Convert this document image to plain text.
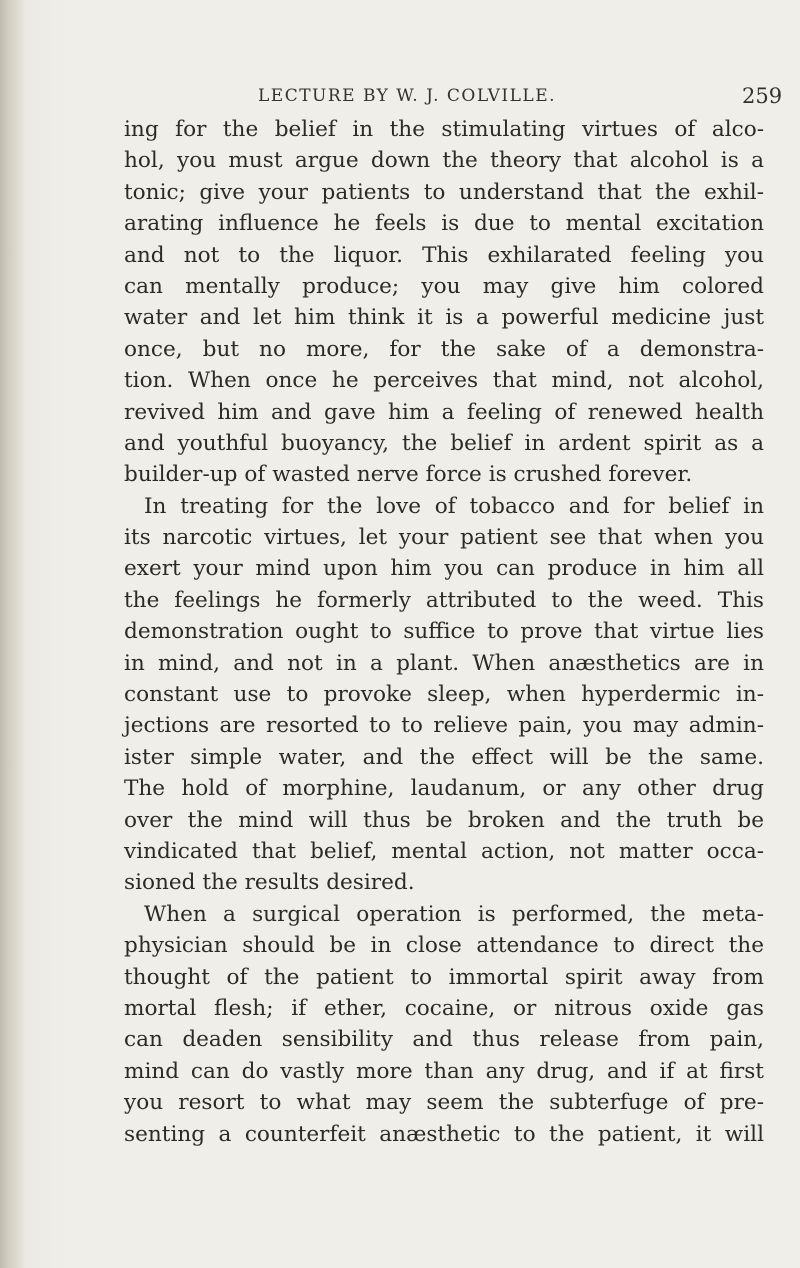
LECTURE BY W. J. COLVILLE.	259
ing for the belief in the stimulating virtues of alco-
hol, you must argue down the theory that alcohol is a
tonic; give your patients to understand that the exhil-
arating influence he feels is due to mental excitation
and not to the liquor. This exhilarated feeling you
can mentally produce; you may give him colored
water and let him think it is a powerful medicine just
once, but no more, for the sake of a demonstra-
tion. When once he perceives that mind, not alcohol,
revived him and gave him a feeling of renewed health
and youthful buoyancy, the belief in ardent spirit as a
builder-up of wasted nerve force is crushed forever.
In treating for the love of tobacco and for belief in
its narcotic virtues, let your patient see that when you
exert your mind upon him you can produce in him all
the feelings he formerly attributed to the weed. This
demonstration ought to suffice to prove that virtue lies
in mind, and not in a plant. When anæsthetics are in
constant use to provoke sleep, when hyperdermic in-
jections are resorted to to relieve pain, you may admin-
ister simple water, and the effect will be the same.
The hold of morphine, laudanum, or any other drug
over the mind will thus be broken and the truth be
vindicated that belief, mental action, not matter occa-
sioned the results desired.
When a surgical operation is performed, the meta-
physician should be in close attendance to direct the
thought of the patient to immortal spirit away from
mortal flesh; if ether, cocaine, or nitrous oxide gas
can deaden sensibility and thus release from pain,
mind can do vastly more than any drug, and if at first
you resort to what may seem the subterfuge of pre-
senting a counterfeit anæsthetic to the patient, it will
